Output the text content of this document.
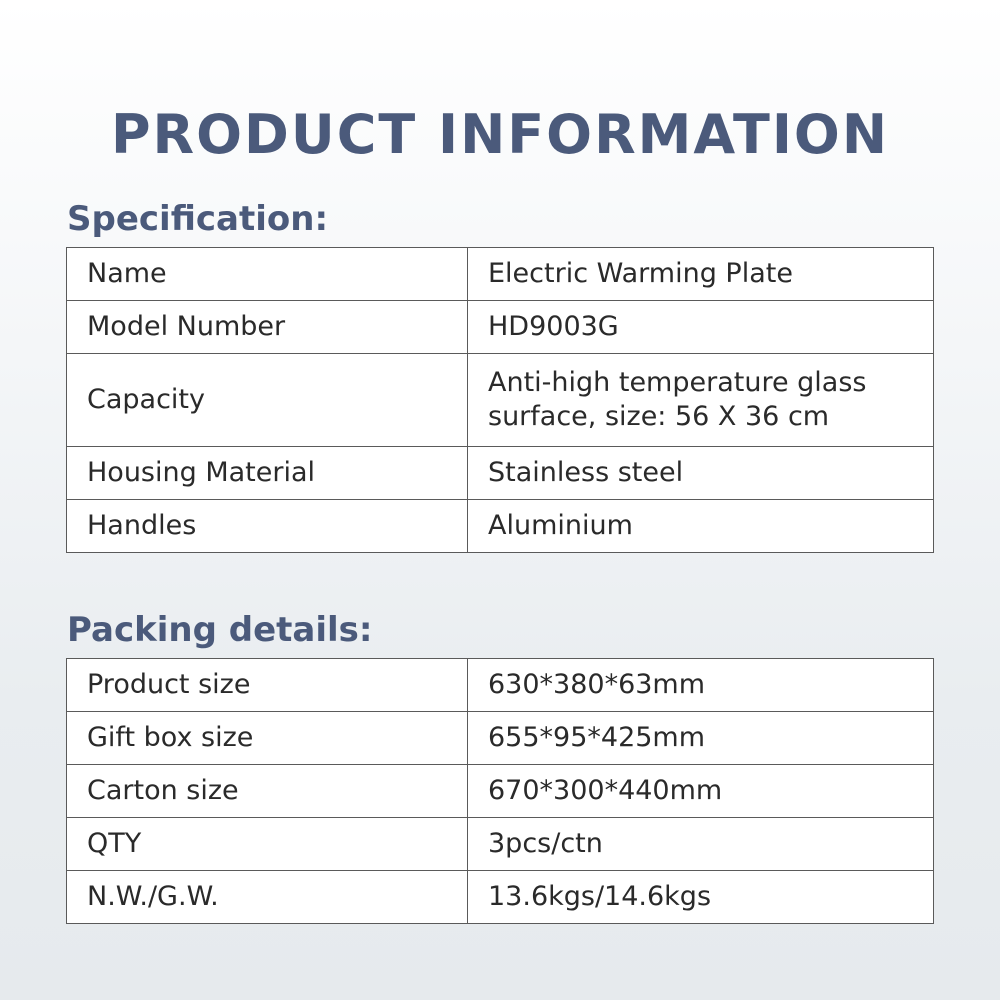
PRODUCT INFORMATION
Specification:
Name	Electric Warming Plate
Model Number	HD9003G
Capacity	Anti-high temperature glass surface, size: 56 X 36 cm
Housing Material	Stainless steel
Handles	Aluminium
Packing details:
Product size	630*380*63mm
Gift box size	655*95*425mm
Carton size	670*300*440mm
QTY	3pcs/ctn
N.W./G.W.	13.6kgs/14.6kgs
